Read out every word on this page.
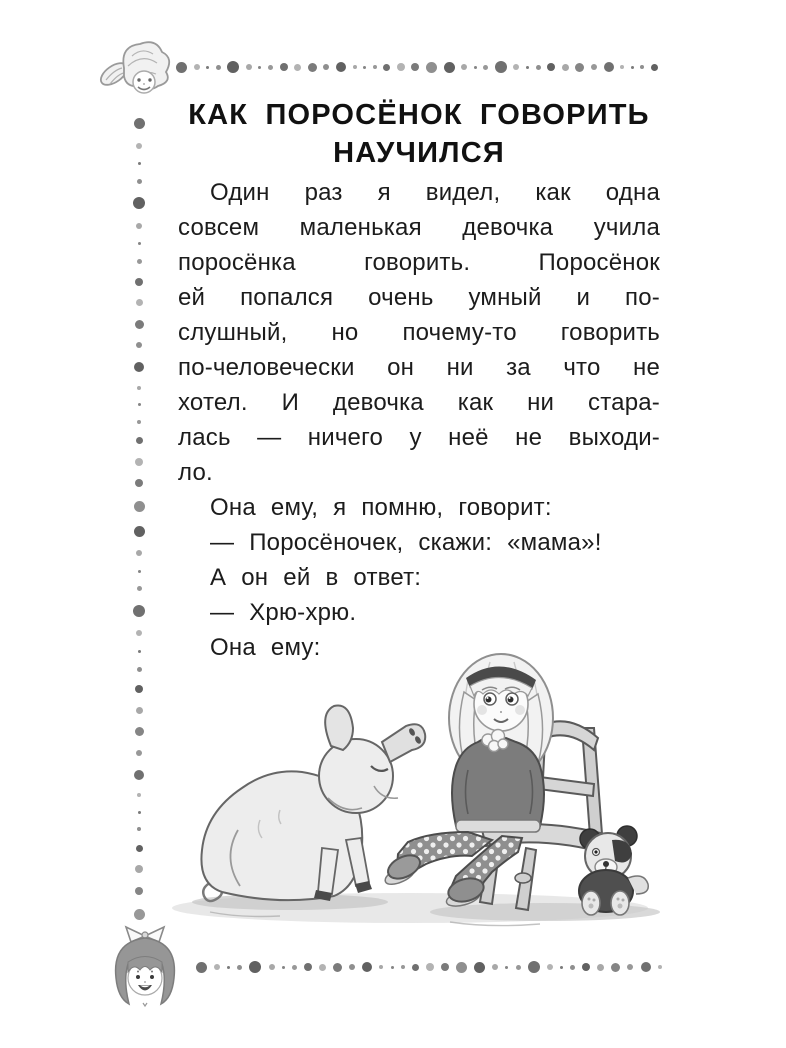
КАК ПОРОСЁНОК ГОВОРИТЬ
НАУЧИЛСЯ

Один раз я видел, как одна

совсем маленькая девочка учила

поросёнка говорить. Поросёнок

ей попался очень умный и по-

слушный, но почему-то говорить

по-человечески он ни за что не

хотел. И девочка как ни стара-

лась — ничего у неё не выходи-

ло.

Она ему, я помню, говорит:

— Поросёночек, скажи: «мама»!

А он ей в ответ:

— Хрю-хрю.

Она ему:
